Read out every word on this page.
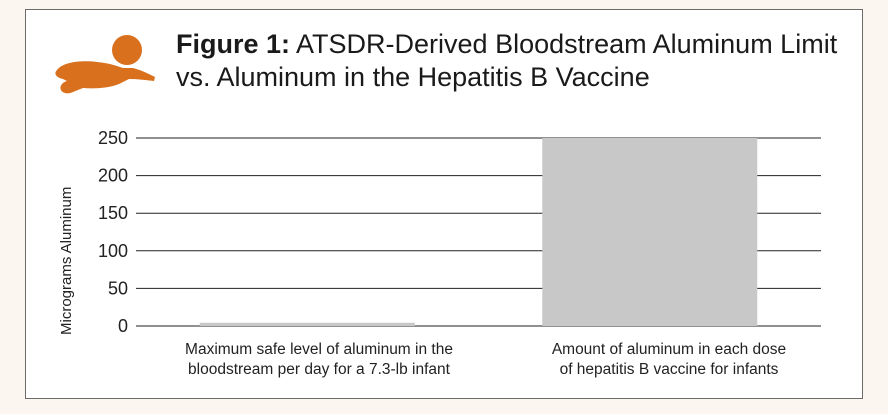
Figure 1: ATSDR-Derived Bloodstream Aluminum Limit
vs. Aluminum in the Hepatitis B Vaccine
Micrograms Aluminum 0
50
100
150
200
250
Maximum safe level of aluminum in the
bloodstream per day for a 7.3-lb infant
Amount of aluminum in each dose
of hepatitis B vaccine for infants
